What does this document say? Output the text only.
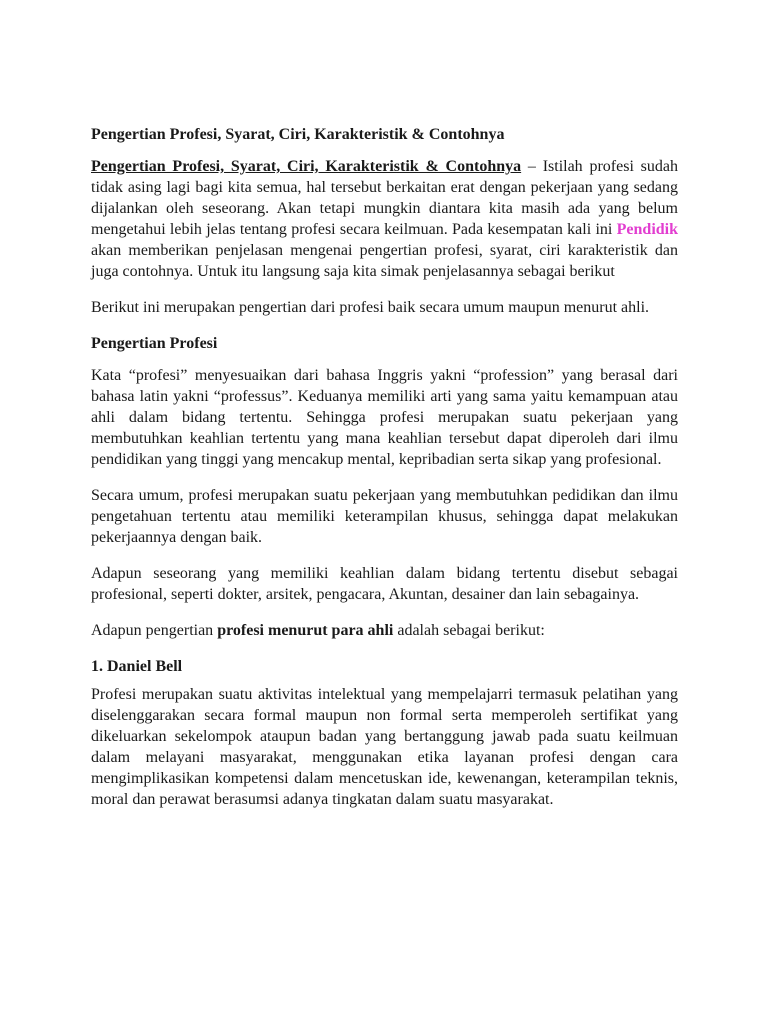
Pengertian Profesi, Syarat, Ciri, Karakteristik & Contohnya

Pengertian Profesi, Syarat, Ciri, Karakteristik & Contohnya – Istilah profesi sudah tidak asing lagi bagi kita semua, hal tersebut berkaitan erat dengan pekerjaan yang sedang dijalankan oleh seseorang. Akan tetapi mungkin diantara kita masih ada yang belum mengetahui lebih jelas tentang profesi secara keilmuan. Pada kesempatan kali ini Pendidik akan memberikan penjelasan mengenai pengertian profesi, syarat, ciri karakteristik dan juga contohnya. Untuk itu langsung saja kita simak penjelasannya sebagai berikut

Berikut ini merupakan pengertian dari profesi baik secara umum maupun menurut ahli.

Pengertian Profesi

Kata “profesi” menyesuaikan dari bahasa Inggris yakni “profession” yang berasal dari bahasa latin yakni “professus”. Keduanya memiliki arti yang sama yaitu kemampuan atau ahli dalam bidang tertentu. Sehingga profesi merupakan suatu pekerjaan yang membutuhkan keahlian tertentu yang mana keahlian tersebut dapat diperoleh dari ilmu pendidikan yang tinggi yang mencakup mental, kepribadian serta sikap yang profesional.

Secara umum, profesi merupakan suatu pekerjaan yang membutuhkan pedidikan dan ilmu pengetahuan tertentu atau memiliki keterampilan khusus, sehingga dapat melakukan pekerjaannya dengan baik.

Adapun seseorang yang memiliki keahlian dalam bidang tertentu disebut sebagai profesional, seperti dokter, arsitek, pengacara, Akuntan, desainer dan lain sebagainya.

Adapun pengertian profesi menurut para ahli adalah sebagai berikut:

1. Daniel Bell

Profesi merupakan suatu aktivitas intelektual yang mempelajarri termasuk pelatihan yang diselenggarakan secara formal maupun non formal serta memperoleh sertifikat yang dikeluarkan sekelompok ataupun badan yang bertanggung jawab pada suatu keilmuan dalam melayani masyarakat, menggunakan etika layanan profesi dengan cara mengimplikasikan kompetensi dalam mencetuskan ide, kewenangan, keterampilan teknis, moral dan perawat berasumsi adanya tingkatan dalam suatu masyarakat.
